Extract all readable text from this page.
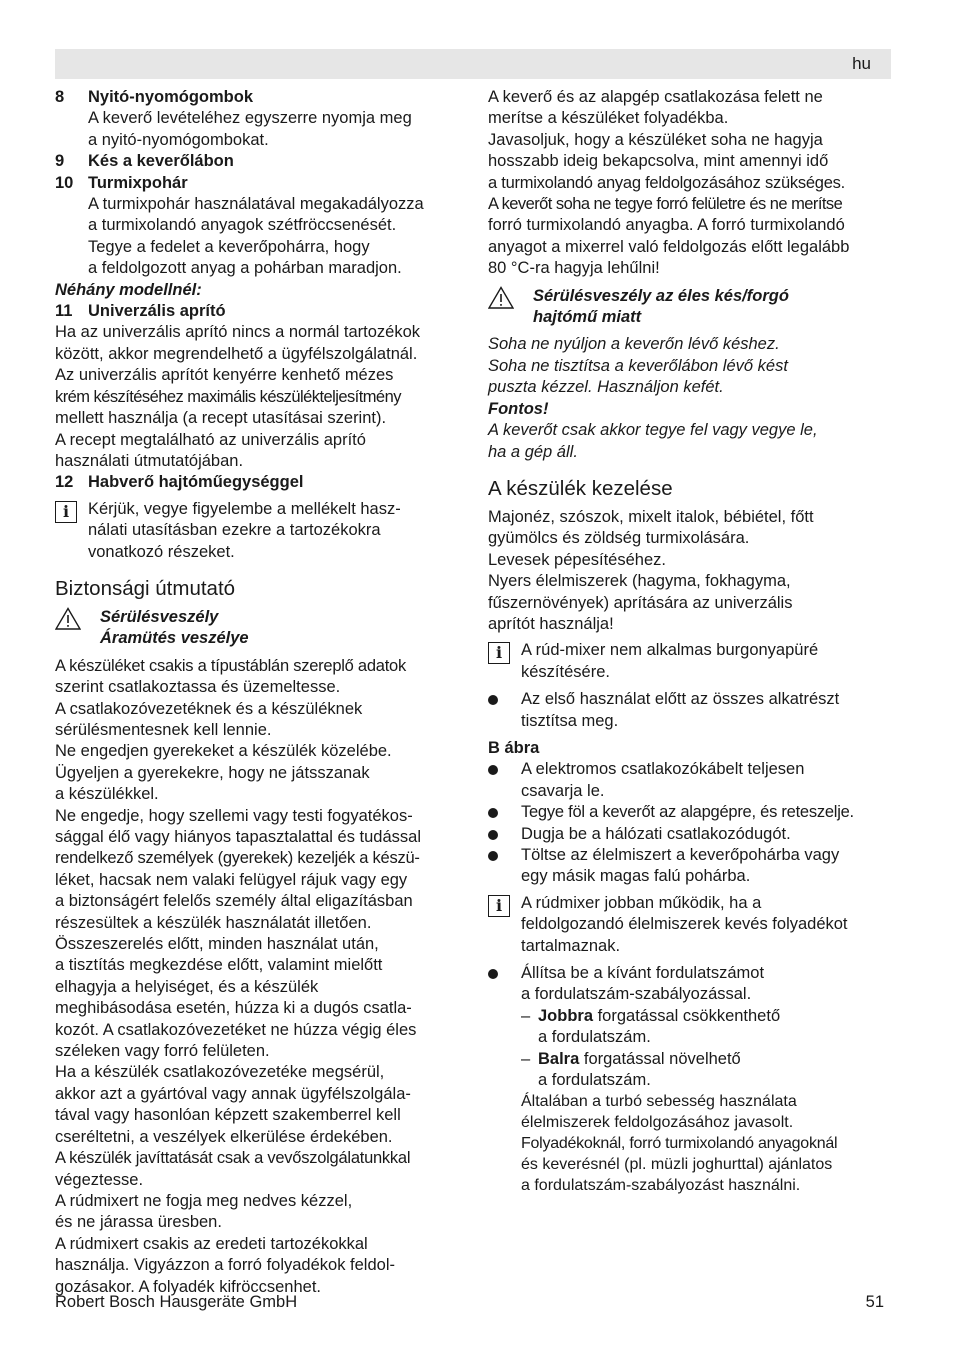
hu
8 Nyitó-nyomógombok
A keverő levételéhez egyszerre nyomja meg
a nyitó-nyomógombokat.
9 Kés a keverőlábon
10 Turmixpohár
A turmixpohár használatával megakadályozza
a turmixolandó anyagok szétfröccsenését.
Tegye a fedelet a keverőpohárra, hogy
a feldolgozott anyag a pohárban maradjon.
Néhány modellnél:
11 Univerzális aprító
Ha az univerzális aprító nincs a normál tartozékok
között, akkor megrendelhető a ügyfélszolgálatnál.
Az univerzális aprítót kenyérre kenhető mézes
krém készítéséhez maximális készülékteljesítmény
mellett használja (a recept utasításai szerint).
A recept megtalálható az univerzális aprító
használati útmutatójában.
12 Habverő hajtóműegységgel
i	Kérjük, vegye figyelembe a mellékelt hasz-
nálati utasításban ezekre a tartozékokra
vonatkozó részeket.
Biztonsági útmutató
Sérülésveszély
Áramütés veszélye
A készüléket csakis a típustáblán szereplő adatok
szerint csatlakoztassa és üzemeltesse.
A csatlakozóvezetéknek és a készüléknek
sérülésmentesnek kell lennie.
Ne engedjen gyerekeket a készülék közelébe.
Ügyeljen a gyerekekre, hogy ne játsszanak
a készülékkel.
Ne engedje, hogy szellemi vagy testi fogyatékos-
sággal élő vagy hiányos tapasztalattal és tudással
rendelkező személyek (gyerekek) kezeljék a készü-
léket, hacsak nem valaki felügyel rájuk vagy egy
a biztonságért felelős személy által eligazításban
részesültek a készülék használatát illetően.
Összeszerelés előtt, minden használat után,
a tisztítás megkezdése előtt, valamint mielőtt
elhagyja a helyiséget, és a készülék
meghibásodása esetén, húzza ki a dugós csatla-
kozót. A csatlakozóvezetéket ne húzza végig éles
széleken vagy forró felületen.
Ha a készülék csatlakozóvezetéke megsérül,
akkor azt a gyártóval vagy annak ügyfélszolgála-
tával vagy hasonlóan képzett szakemberrel kell
cseréltetni, a veszélyek elkerülése érdekében.
A készülék javíttatását csak a vevőszolgálatunkkal
végeztesse.
A rúdmixert ne fogja meg nedves kézzel,
és ne járassa üresben.
A rúdmixert csakis az eredeti tartozékokkal
használja. Vigyázzon a forró folyadékok feldol-
gozásakor. A folyadék kifröccsenhet.
A keverő és az alapgép csatlakozása felett ne
merítse a készüléket folyadékba.
Javasoljuk, hogy a készüléket soha ne hagyja
hosszabb ideig bekapcsolva, mint amennyi idő
a turmixolandó anyag feldolgozásához szükséges.
A keverőt soha ne tegye forró felületre és ne merítse
forró turmixolandó anyagba. A forró turmixolandó
anyagot a mixerrel való feldolgozás előtt legalább
80 °C-ra hagyja lehűlni!
Sérülésveszély az éles kés/forgó
hajtómű miatt
Soha ne nyúljon a keverőn lévő késhez.
Soha ne tisztítsa a keverőlábon lévő kést
puszta kézzel. Használjon kefét.
Fontos!
A keverőt csak akkor tegye fel vagy vegye le,
ha a gép áll.
A készülék kezelése
Majonéz, szószok, mixelt italok, bébiétel, főtt
gyümölcs és zöldség turmixolására.
Levesek pépesítéséhez.
Nyers élelmiszerek (hagyma, fokhagyma,
fűszernövények) aprítására az univerzális
aprítót használja!
i	A rúd-mixer nem alkalmas burgonyapüré
készítésére.
Az első használat előtt az összes alkatrészt
tisztítsa meg.
B ábra
A elektromos csatlakozókábelt teljesen
csavarja le.
Tegye föl a keverőt az alapgépre, és reteszelje.
Dugja be a hálózati csatlakozódugót.
Töltse az élelmiszert a keverőpohárba vagy
egy másik magas falú pohárba.
i	A rúdmixer jobban működik, ha a
feldolgozandó élelmiszerek kevés folyadékot
tartalmaznak.
Állítsa be a kívánt fordulatszámot
a fordulatszám-szabályozással.
– Jobbra forgatással csökkenthető
a fordulatszám.
– Balra forgatással növelhető
a fordulatszám.
Általában a turbó sebesség használata
élelmiszerek feldolgozásához javasolt.
Folyadékoknál, forró turmixolandó anyagoknál
és keverésnél (pl. müzli joghurttal) ajánlatos
a fordulatszám-szabályozást használni.
Robert Bosch Hausgeräte GmbH	51
